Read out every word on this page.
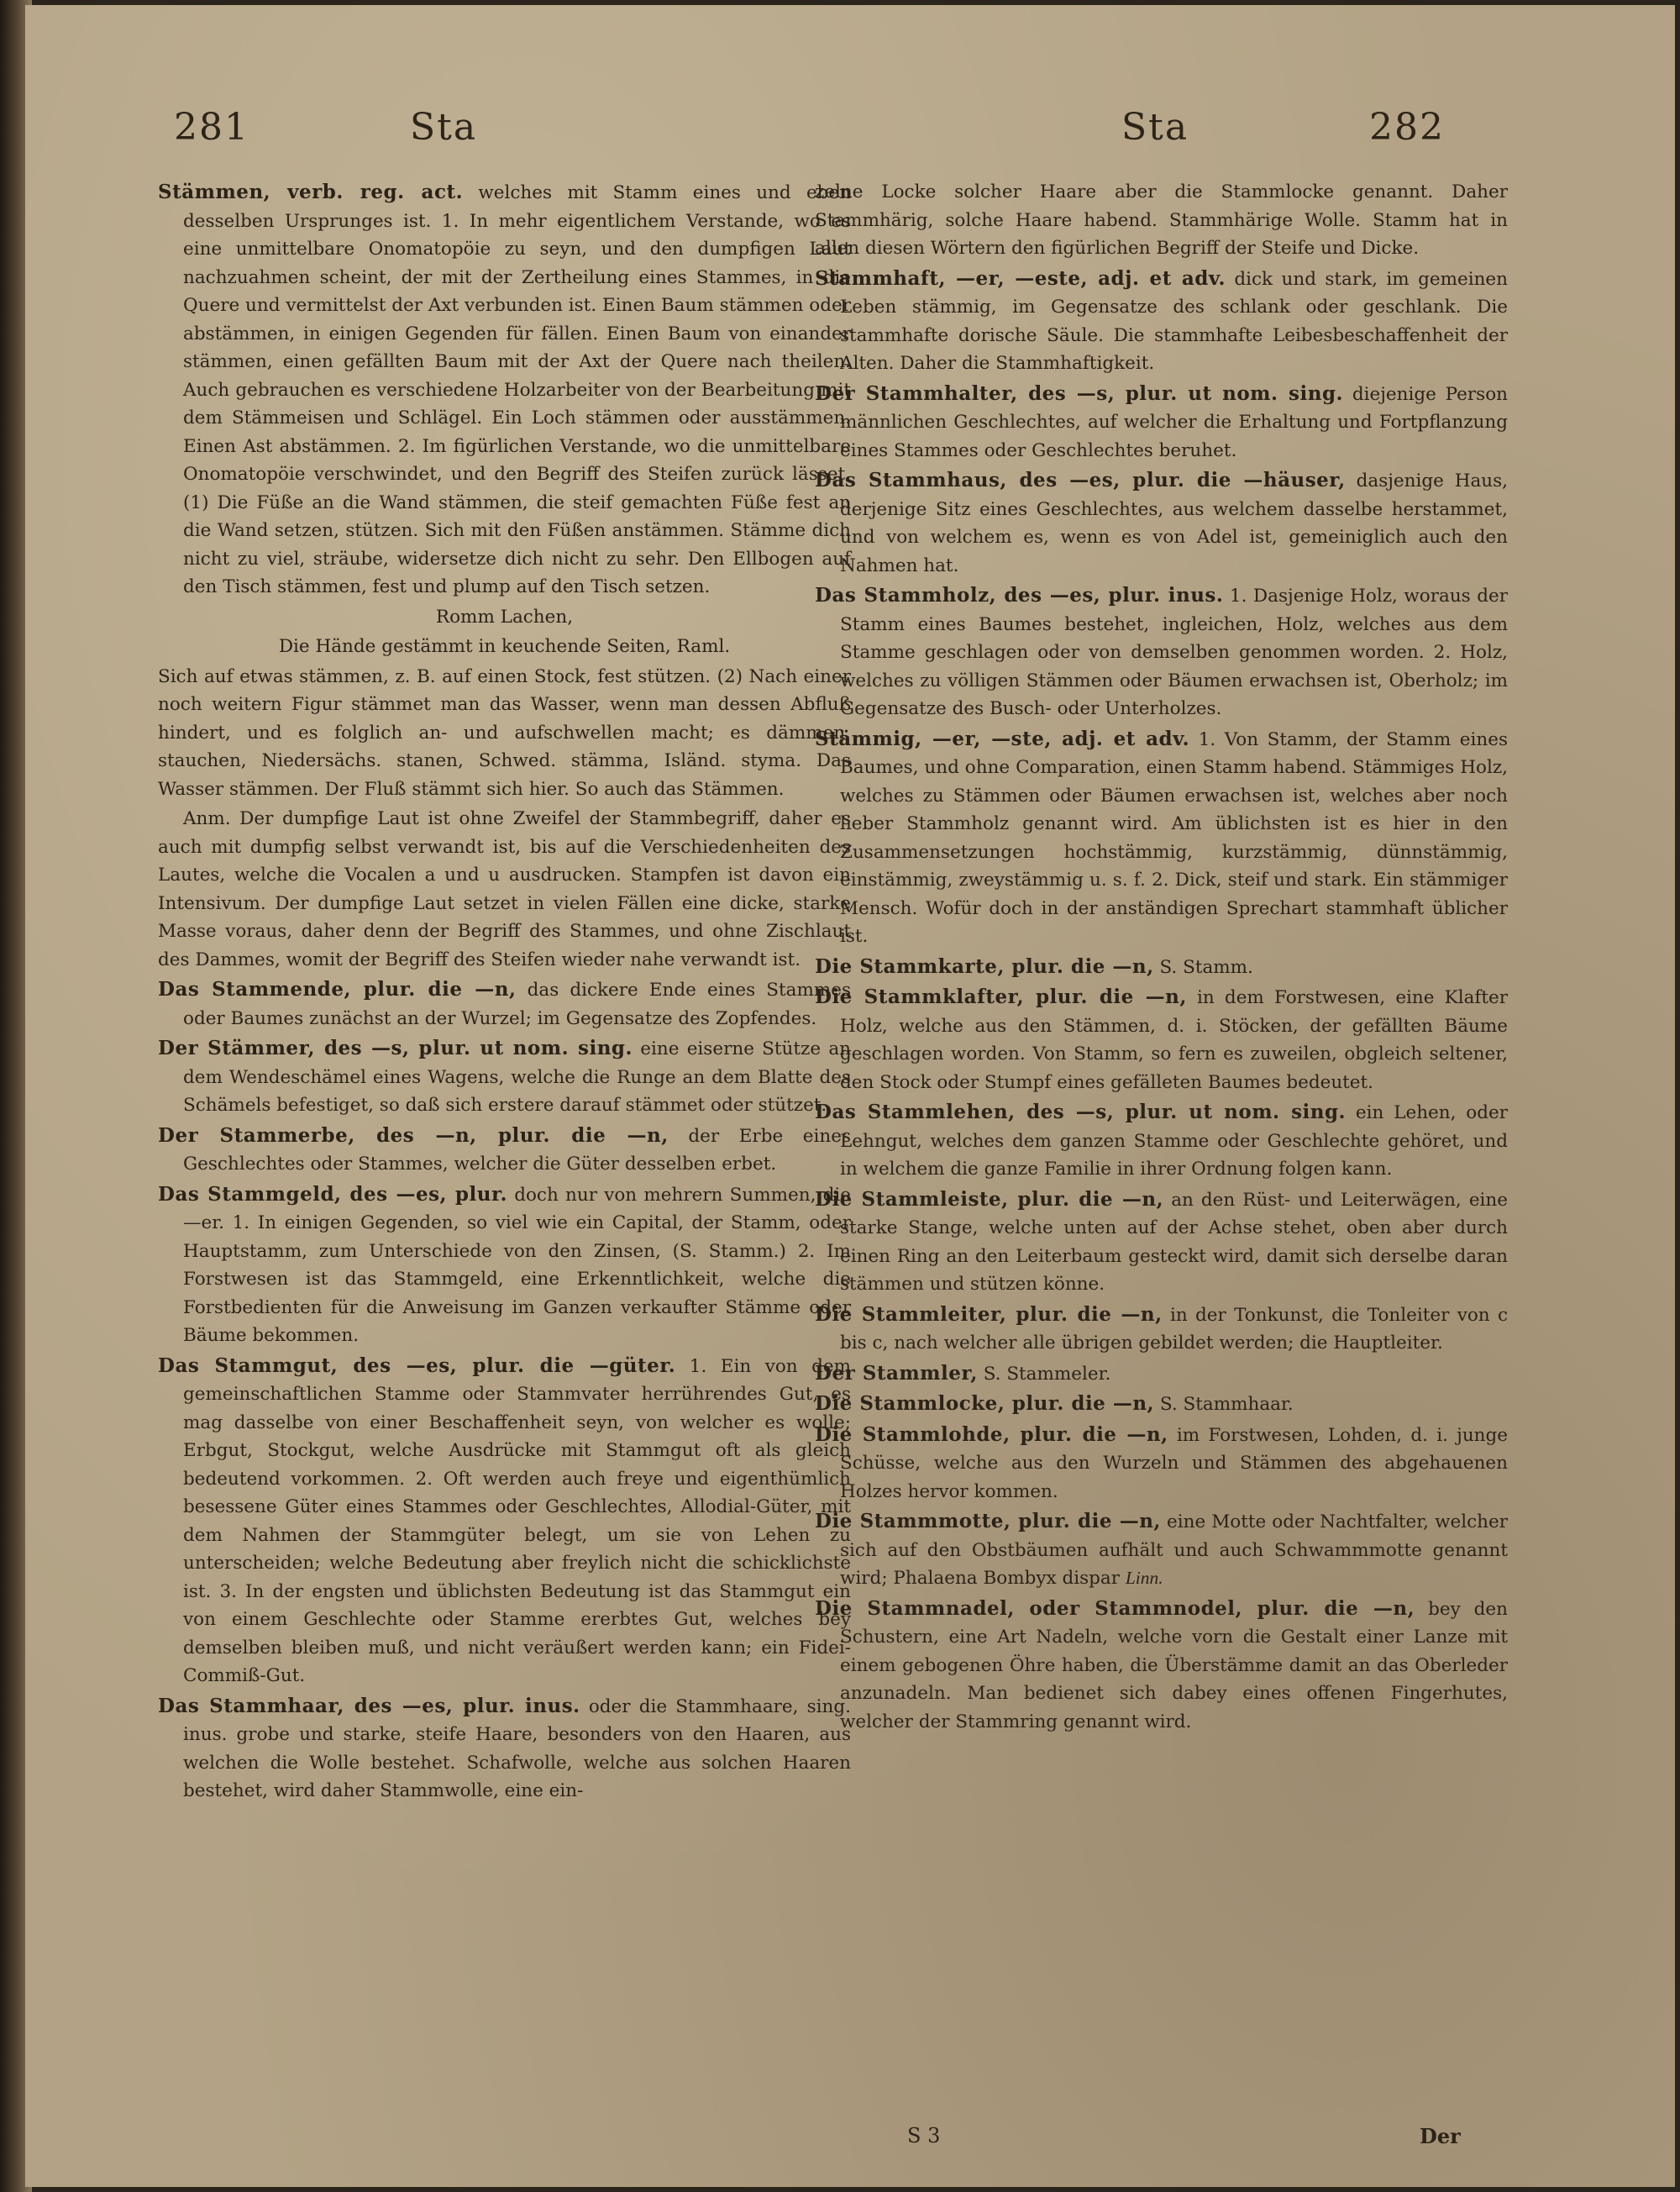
281	Sta	Sta	282

Stämmen, verb. reg. act. welches mit Stamm eines und eben desselben Ursprunges ist. 1. In mehr eigentlichem Verstande, wo es eine unmittelbare Onomatopöie zu seyn, und den dumpfigen Laut nachzuahmen scheint, der mit der Zertheilung eines Stammes, in die Quere und vermittelst der Axt verbunden ist. Einen Baum stämmen oder abstämmen, in einigen Gegenden für fällen. Einen Baum von einander stämmen, einen gefällten Baum mit der Axt der Quere nach theilen. Auch gebrauchen es verschiedene Holzarbeiter von der Bearbeitung mit dem Stämmeisen und Schlägel. Ein Loch stämmen oder ausstämmen. Einen Ast abstämmen. 2. Im figürlichen Verstande, wo die unmittelbare Onomatopöie verschwindet, und den Begriff des Steifen zurück lässet. (1) Die Füße an die Wand stämmen, die steif gemachten Füße fest an die Wand setzen, stützen. Sich mit den Füßen anstämmen. Stämme dich nicht zu viel, sträube, widersetze dich nicht zu sehr. Den Ellbogen auf den Tisch stämmen, fest und plump auf den Tisch setzen.

Romm Lachen,

Die Hände gestämmt in keuchende Seiten, Raml.

Sich auf etwas stämmen, z. B. auf einen Stock, fest stützen. (2) Nach einer noch weitern Figur stämmet man das Wasser, wenn man dessen Abfluß hindert, und es folglich an- und aufschwellen macht; es dämmen, stauchen, Niedersächs. stanen, Schwed. stämma, Isländ. styma. Das Wasser stämmen. Der Fluß stämmt sich hier. So auch das Stämmen.

Anm. Der dumpfige Laut ist ohne Zweifel der Stammbegriff, daher es auch mit dumpfig selbst verwandt ist, bis auf die Verschiedenheiten des Lautes, welche die Vocalen a und u ausdrucken. Stampfen ist davon ein Intensivum. Der dumpfige Laut setzet in vielen Fällen eine dicke, starke Masse voraus, daher denn der Begriff des Stammes, und ohne Zischlaut des Dammes, womit der Begriff des Steifen wieder nahe verwandt ist.

Das Stammende, plur. die —n, das dickere Ende eines Stammes oder Baumes zunächst an der Wurzel; im Gegensatze des Zopfendes.

Der Stämmer, des —s, plur. ut nom. sing. eine eiserne Stütze an dem Wendeschämel eines Wagens, welche die Runge an dem Blatte des Schämels befestiget, so daß sich erstere darauf stämmet oder stützet.

Der Stammerbe, des —n, plur. die —n, der Erbe eines Geschlechtes oder Stammes, welcher die Güter desselben erbet.

Das Stammgeld, des —es, plur. doch nur von mehrern Summen, die —er. 1. In einigen Gegenden, so viel wie ein Capital, der Stamm, oder Hauptstamm, zum Unterschiede von den Zinsen, (S. Stamm.) 2. Im Forstwesen ist das Stammgeld, eine Erkenntlichkeit, welche die Forstbedienten für die Anweisung im Ganzen verkaufter Stämme oder Bäume bekommen.

Das Stammgut, des —es, plur. die —güter. 1. Ein von dem gemeinschaftlichen Stamme oder Stammvater herrührendes Gut, es mag dasselbe von einer Beschaffenheit seyn, von welcher es wolle; Erbgut, Stockgut, welche Ausdrücke mit Stammgut oft als gleich bedeutend vorkommen. 2. Oft werden auch freye und eigenthümlich besessene Güter eines Stammes oder Geschlechtes, Allodial-Güter, mit dem Nahmen der Stammgüter belegt, um sie von Lehen zu unterscheiden; welche Bedeutung aber freylich nicht die schicklichste ist. 3. In der engsten und üblichsten Bedeutung ist das Stammgut ein von einem Geschlechte oder Stamme ererbtes Gut, welches bey demselben bleiben muß, und nicht veräußert werden kann; ein Fidei-Commiß-Gut.

Das Stammhaar, des —es, plur. inus. oder die Stammhaare, sing. inus. grobe und starke, steife Haare, besonders von den Haaren, aus welchen die Wolle bestehet. Schafwolle, welche aus solchen Haaren bestehet, wird daher Stammwolle, eine ein-

zelne Locke solcher Haare aber die Stammlocke genannt. Daher Stammhärig, solche Haare habend. Stammhärige Wolle. Stamm hat in allen diesen Wörtern den figürlichen Begriff der Steife und Dicke.

Stammhaft, —er, —este, adj. et adv. dick und stark, im gemeinen Leben stämmig, im Gegensatze des schlank oder geschlank. Die stammhafte dorische Säule. Die stammhafte Leibesbeschaffenheit der Alten. Daher die Stammhaftigkeit.

Der Stammhalter, des —s, plur. ut nom. sing. diejenige Person männlichen Geschlechtes, auf welcher die Erhaltung und Fortpflanzung eines Stammes oder Geschlechtes beruhet.

Das Stammhaus, des —es, plur. die —häuser, dasjenige Haus, derjenige Sitz eines Geschlechtes, aus welchem dasselbe herstammet, und von welchem es, wenn es von Adel ist, gemeiniglich auch den Nahmen hat.

Das Stammholz, des —es, plur. inus. 1. Dasjenige Holz, woraus der Stamm eines Baumes bestehet, ingleichen, Holz, welches aus dem Stamme geschlagen oder von demselben genommen worden. 2. Holz, welches zu völligen Stämmen oder Bäumen erwachsen ist, Oberholz; im Gegensatze des Busch- oder Unterholzes.

Stämmig, —er, —ste, adj. et adv. 1. Von Stamm, der Stamm eines Baumes, und ohne Comparation, einen Stamm habend. Stämmiges Holz, welches zu Stämmen oder Bäumen erwachsen ist, welches aber noch lieber Stammholz genannt wird. Am üblichsten ist es hier in den Zusammensetzungen hochstämmig, kurzstämmig, dünnstämmig, einstämmig, zweystämmig u. s. f. 2. Dick, steif und stark. Ein stämmiger Mensch. Wofür doch in der anständigen Sprechart stammhaft üblicher ist.

Die Stammkarte, plur. die —n, S. Stamm.

Die Stammklafter, plur. die —n, in dem Forstwesen, eine Klafter Holz, welche aus den Stämmen, d. i. Stöcken, der gefällten Bäume geschlagen worden. Von Stamm, so fern es zuweilen, obgleich seltener, den Stock oder Stumpf eines gefälleten Baumes bedeutet.

Das Stammlehen, des —s, plur. ut nom. sing. ein Lehen, oder Lehngut, welches dem ganzen Stamme oder Geschlechte gehöret, und in welchem die ganze Familie in ihrer Ordnung folgen kann.

Die Stammleiste, plur. die —n, an den Rüst- und Leiterwägen, eine starke Stange, welche unten auf der Achse stehet, oben aber durch einen Ring an den Leiterbaum gesteckt wird, damit sich derselbe daran stämmen und stützen könne.

Die Stammleiter, plur. die —n, in der Tonkunst, die Tonleiter von c bis c, nach welcher alle übrigen gebildet werden; die Hauptleiter.

Der Stammler, S. Stammeler.

Die Stammlocke, plur. die —n, S. Stammhaar.

Die Stammlohde, plur. die —n, im Forstwesen, Lohden, d. i. junge Schüsse, welche aus den Wurzeln und Stämmen des abgehauenen Holzes hervor kommen.

Die Stammmotte, plur. die —n, eine Motte oder Nachtfalter, welcher sich auf den Obstbäumen aufhält und auch Schwammmotte genannt wird; Phalaena Bombyx dispar Linn.

Die Stammnadel, oder Stammnodel, plur. die —n, bey den Schustern, eine Art Nadeln, welche vorn die Gestalt einer Lanze mit einem gebogenen Öhre haben, die Überstämme damit an das Oberleder anzunadeln. Man bedienet sich dabey eines offenen Fingerhutes, welcher der Stammring genannt wird.

S 3	Der
